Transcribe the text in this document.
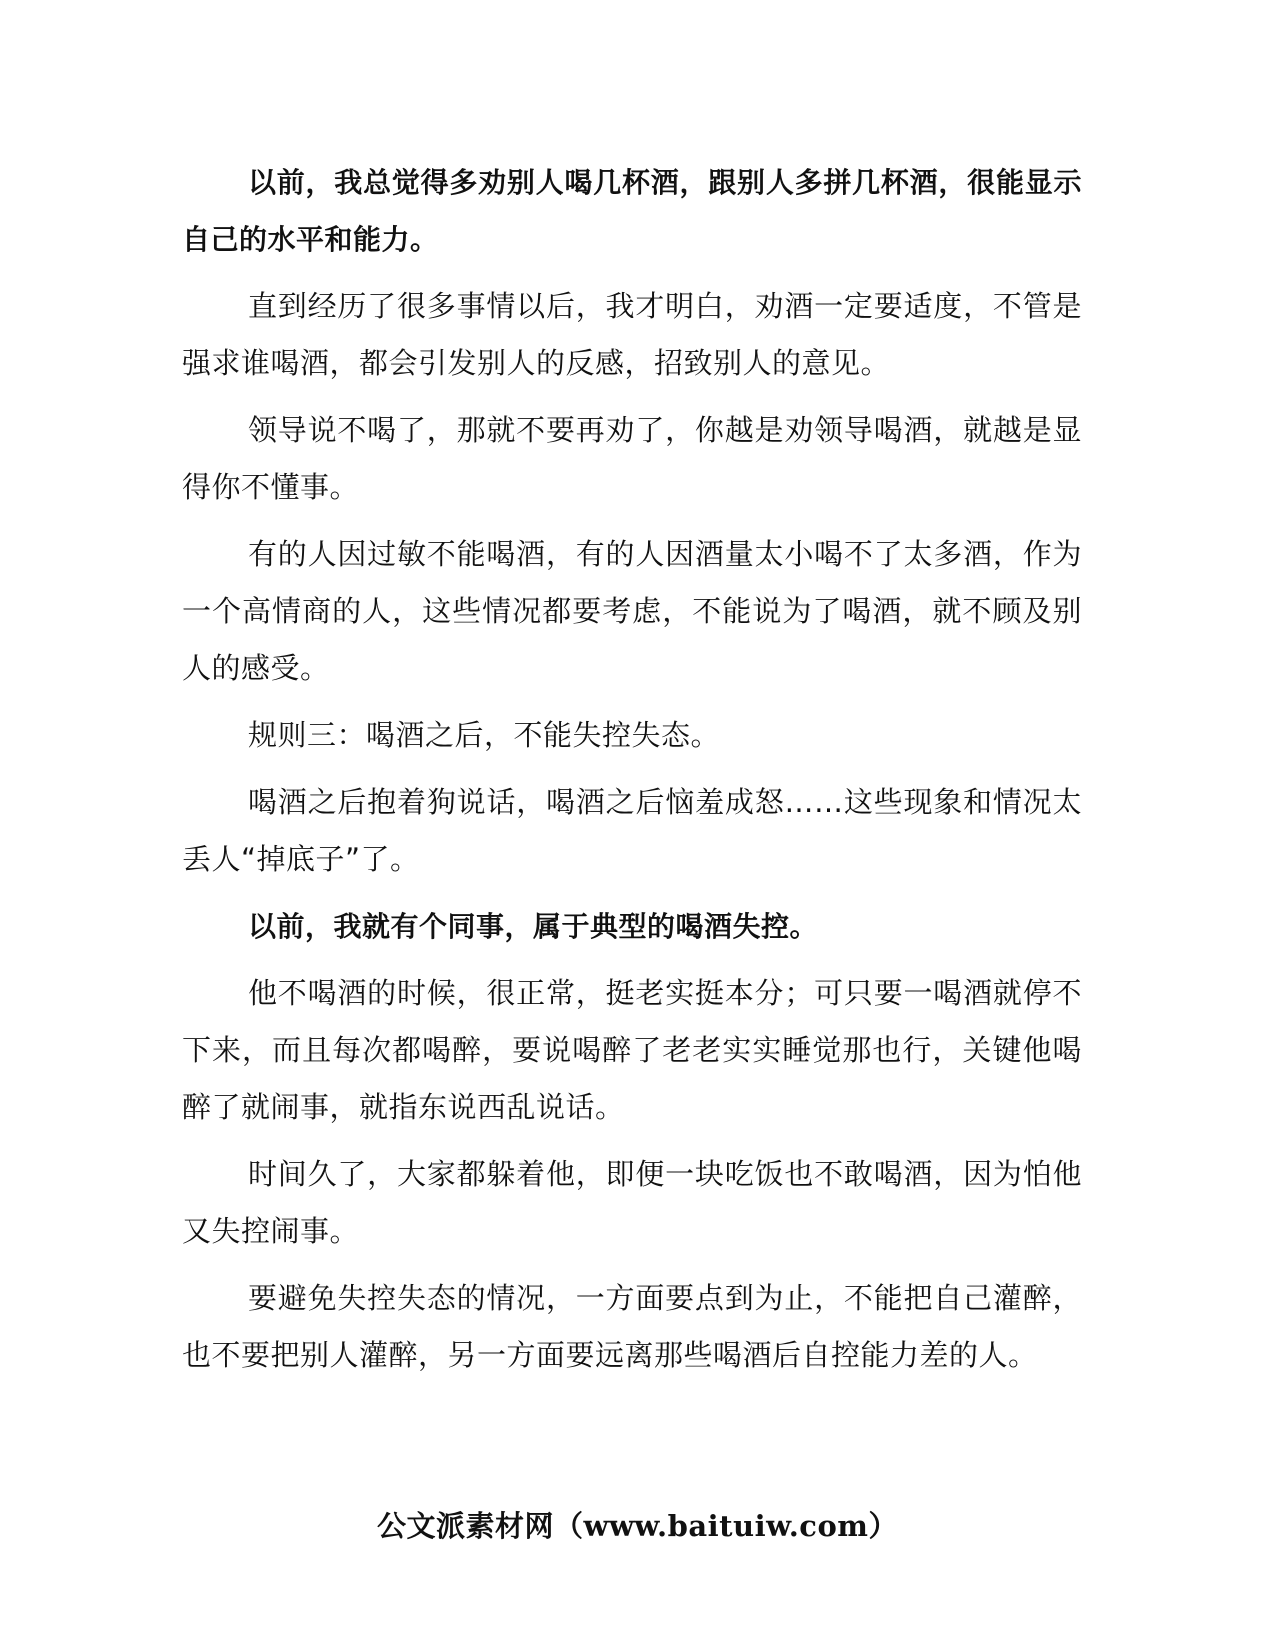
以前，我总觉得多劝别人喝几杯酒，跟别人多拼几杯酒，很能显示自己的水平和能力。

直到经历了很多事情以后，我才明白，劝酒一定要适度，不管是强求谁喝酒，都会引发别人的反感，招致别人的意见。

领导说不喝了，那就不要再劝了，你越是劝领导喝酒，就越是显得你不懂事。

有的人因过敏不能喝酒，有的人因酒量太小喝不了太多酒，作为一个高情商的人，这些情况都要考虑，不能说为了喝酒，就不顾及别人的感受。

规则三：喝酒之后，不能失控失态。

喝酒之后抱着狗说话，喝酒之后恼羞成怒……这些现象和情况太丢人“掉底子”了。

以前，我就有个同事，属于典型的喝酒失控。

他不喝酒的时候，很正常，挺老实挺本分；可只要一喝酒就停不下来，而且每次都喝醉，要说喝醉了老老实实睡觉那也行，关键他喝醉了就闹事，就指东说西乱说话。

时间久了，大家都躲着他，即便一块吃饭也不敢喝酒，因为怕他又失控闹事。

要避免失控失态的情况，一方面要点到为止，不能把自己灌醉，也不要把别人灌醉，另一方面要远离那些喝酒后自控能力差的人。

公文派素材网（www.baituiw.com）
